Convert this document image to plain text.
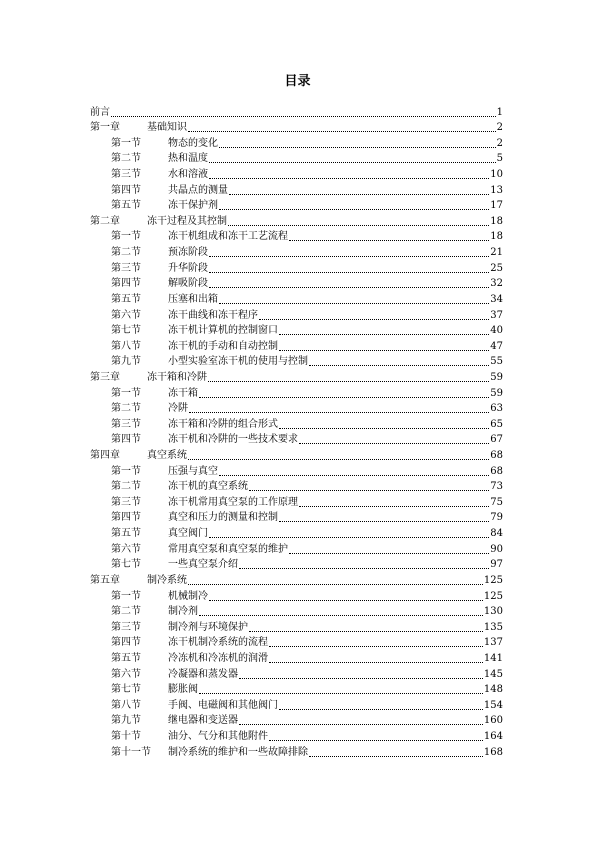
目录
前言	1
第一章	基础知识	2
第一节	物态的变化	2
第二节	热和温度	5
第三节	水和溶液	10
第四节	共晶点的测量	13
第五节	冻干保护剂	17
第二章	冻干过程及其控制	18
第一节	冻干机组成和冻干工艺流程	18
第二节	预冻阶段	21
第三节	升华阶段	25
第四节	解吸阶段	32
第五节	压塞和出箱	34
第六节	冻干曲线和冻干程序	37
第七节	冻干机计算机的控制窗口	40
第八节	冻干机的手动和自动控制	47
第九节	小型实验室冻干机的使用与控制	55
第三章	冻干箱和冷阱	59
第一节	冻干箱	59
第二节	冷阱	63
第三节	冻干箱和冷阱的组合形式	65
第四节	冻干机和冷阱的一些技术要求	67
第四章	真空系统	68
第一节	压强与真空	68
第二节	冻干机的真空系统	73
第三节	冻干机常用真空泵的工作原理	75
第四节	真空和压力的测量和控制	79
第五节	真空阀门	84
第六节	常用真空泵和真空泵的维护	90
第七节	一些真空泵介绍	97
第五章	制冷系统	125
第一节	机械制冷	125
第二节	制冷剂	130
第三节	制冷剂与环境保护	135
第四节	冻干机制冷系统的流程	137
第五节	冷冻机和冷冻机的润滑	141
第六节	冷凝器和蒸发器	145
第七节	膨胀阀	148
第八节	手阀、电磁阀和其他阀门	154
第九节	继电器和变送器	160
第十节	油分、气分和其他附件	164
第十一节	制冷系统的维护和一些故障排除	168
